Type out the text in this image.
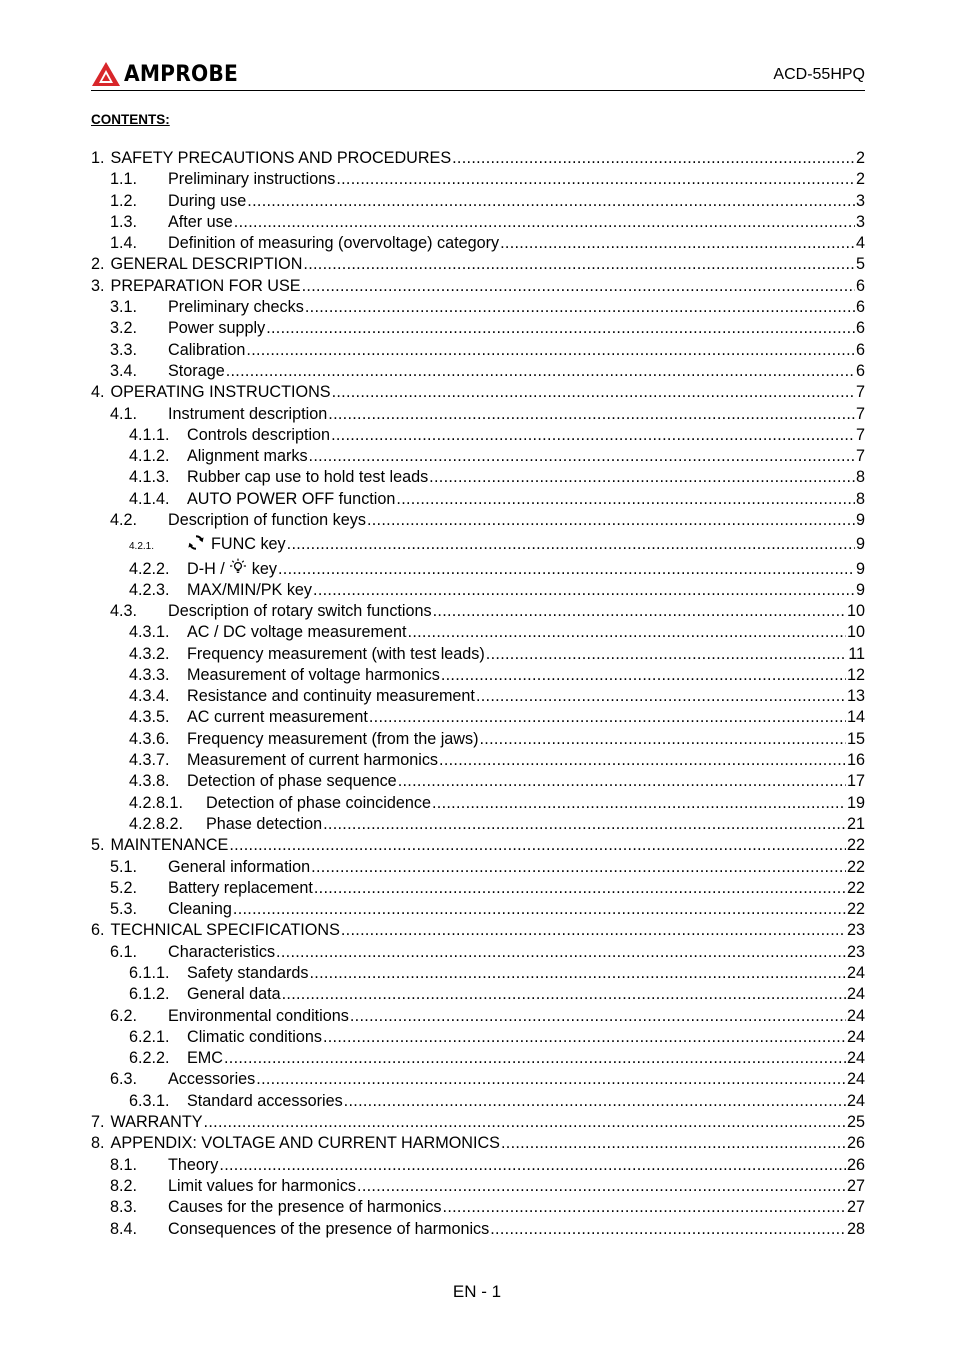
AMPROBE	ACD-55HPQ
CONTENTS:
1. SAFETY PRECAUTIONS AND PROCEDURES .....	2
1.1.	Preliminary instructions .....	2
1.2.	During use .....	3
1.3.	After use .....	3
1.4.	Definition of measuring (overvoltage) category .....	4
2. GENERAL DESCRIPTION .....	5
3. PREPARATION FOR USE .....	6
3.1.	Preliminary checks .....	6
3.2.	Power supply .....	6
3.3.	Calibration .....	6
3.4.	Storage .....	6
4. OPERATING INSTRUCTIONS .....	7
4.1.	Instrument description .....	7
4.1.1.	Controls description .....	7
4.1.2.	Alignment marks .....	7
4.1.3.	Rubber cap use to hold test leads .....	8
4.1.4.	AUTO POWER OFF function .....	8
4.2.	Description of function keys .....	9
4.2.1.	FUNC key .....	9
4.2.2.	D-H /  key .....	9
4.2.3.	MAX/MIN/PK key .....	9
4.3.	Description of rotary switch functions .....	10
4.3.1.	AC / DC voltage measurement .....	10
4.3.2.	Frequency measurement (with test leads) .....	11
4.3.3.	Measurement of voltage harmonics .....	12
4.3.4.	Resistance and continuity measurement .....	13
4.3.5.	AC current measurement .....	14
4.3.6.	Frequency measurement (from the jaws) .....	15
4.3.7.	Measurement of current harmonics .....	16
4.3.8.	Detection of phase sequence .....	17
4.2.8.1.	Detection of phase coincidence .....	19
4.2.8.2.	Phase detection .....	21
5. MAINTENANCE .....	22
5.1.	General information .....	22
5.2.	Battery replacement .....	22
5.3.	Cleaning .....	22
6. TECHNICAL SPECIFICATIONS .....	23
6.1.	Characteristics .....	23
6.1.1.	Safety standards .....	24
6.1.2.	General data .....	24
6.2.	Environmental conditions .....	24
6.2.1.	Climatic conditions .....	24
6.2.2.	EMC .....	24
6.3.	Accessories .....	24
6.3.1.	Standard accessories .....	24
7. WARRANTY .....	25
8. APPENDIX: VOLTAGE AND CURRENT HARMONICS .....	26
8.1.	Theory .....	26
8.2.	Limit values for harmonics .....	27
8.3.	Causes for the presence of harmonics .....	27
8.4.	Consequences of the presence of harmonics .....	28
EN - 1
